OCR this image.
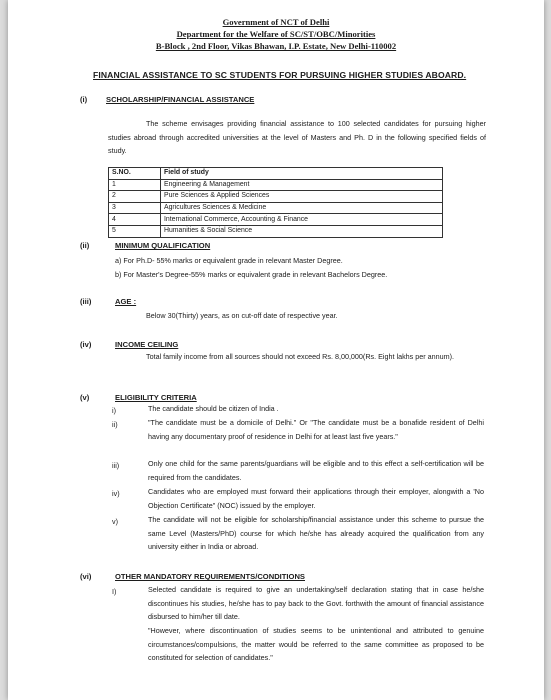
Government of NCT of Delhi
Department for the Welfare of SC/ST/OBC/Minorities
B-Block , 2nd Floor, Vikas Bhawan, I.P. Estate, New Delhi-110002
FINANCIAL ASSISTANCE TO SC STUDENTS FOR PURSUING HIGHER STUDIES ABOARD.
(i) SCHOLARSHIP/FINANCIAL ASSISTANCE
The scheme envisages providing financial assistance to 100 selected candidates for pursuing higher studies abroad through accredited universities at the level of Masters and Ph. D in the following specified fields of study.
S.NO.	Field of study
1	Engineering & Management
2	Pure Sciences & Applied Sciences
3	Agricultures Sciences & Medicine
4	International Commerce, Accounting & Finance
5	Humanities & Social Science
(ii)	MINIMUM QUALIFICATION
a) For Ph.D- 55% marks or equivalent grade in relevant Master Degree.
b) For Master's Degree-55% marks or equivalent grade in relevant Bachelors Degree.
(iii)	AGE :
Below 30(Thirty) years, as on cut-off date of respective year.
(iv)	INCOME CEILING
Total family income from all sources should not exceed Rs. 8,00,000(Rs. Eight lakhs per annum).
(v)	ELIGIBILITY CRITERIA
i)	The candidate should be citizen of India .
ii)	"The candidate must be a domicile of Delhi." Or "The candidate must be a bonafide resident of Delhi having any documentary proof of residence in Delhi for at least last five years."
iii)	Only one child for the same parents/guardians will be eligible and to this effect a self-certification will be required from the candidates.
iv)	Candidates who are employed must forward their applications through their employer, alongwith a 'No Objection Certificate" (NOC) issued by the employer.
v)	The candidate will not be eligible for scholarship/financial assistance under this scheme to pursue the same Level (Masters/PhD) course for which he/she has already acquired the qualification from any university either in India or abroad.
(vi)	OTHER MANDATORY REQUIREMENTS/CONDITIONS
I)	Selected candidate is required to give an undertaking/self declaration stating that in case he/she discontinues his studies, he/she has to pay back to the Govt. forthwith the amount of financial assistance disbursed to him/her till date.
"However, where discontinuation of studies seems to be unintentional and attributed to genuine circumstances/compulsions, the matter would be referred to the same committee as proposed to be constituted for selection of candidates."
